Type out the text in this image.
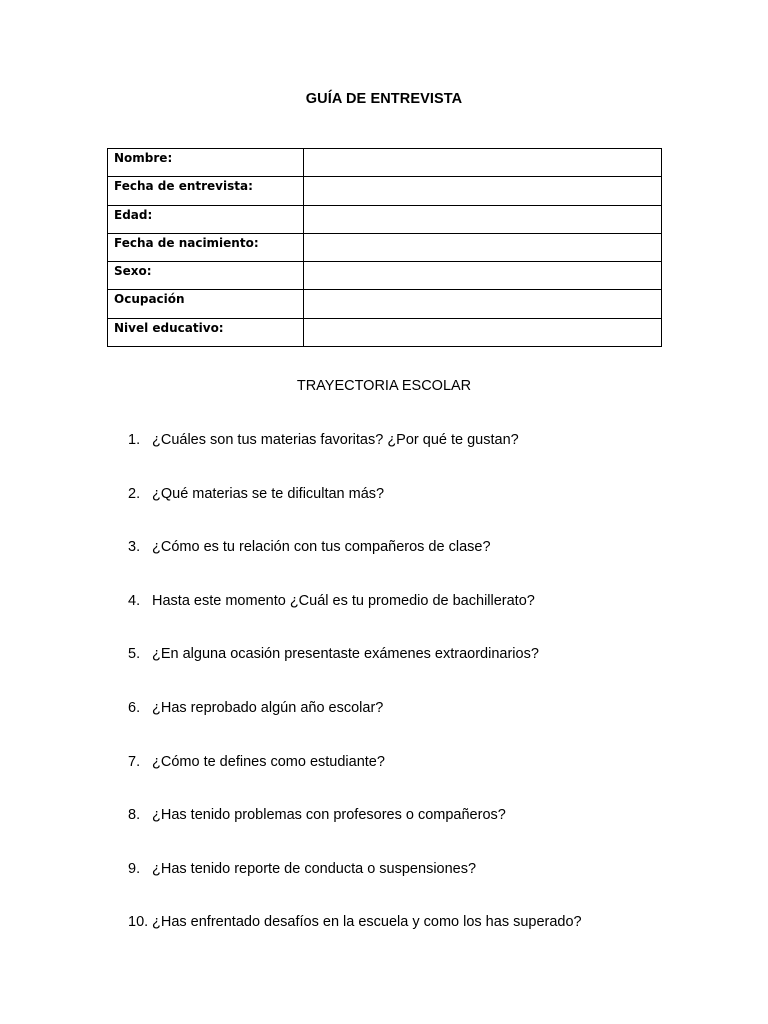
GUÍA DE ENTREVISTA
Nombre:	
Fecha de entrevista:	
Edad:	
Fecha de nacimiento:	
Sexo:	
Ocupación	
Nivel educativo:	
TRAYECTORIA ESCOLAR
1. ¿Cuáles son tus materias favoritas? ¿Por qué te gustan?
2. ¿Qué materias se te dificultan más?
3. ¿Cómo es tu relación con tus compañeros de clase?
4. Hasta este momento ¿Cuál es tu promedio de bachillerato?
5. ¿En alguna ocasión presentaste exámenes extraordinarios?
6. ¿Has reprobado algún año escolar?
7. ¿Cómo te defines como estudiante?
8. ¿Has tenido problemas con profesores o compañeros?
9. ¿Has tenido reporte de conducta o suspensiones?
10. ¿Has enfrentado desafíos en la escuela y como los has superado?
